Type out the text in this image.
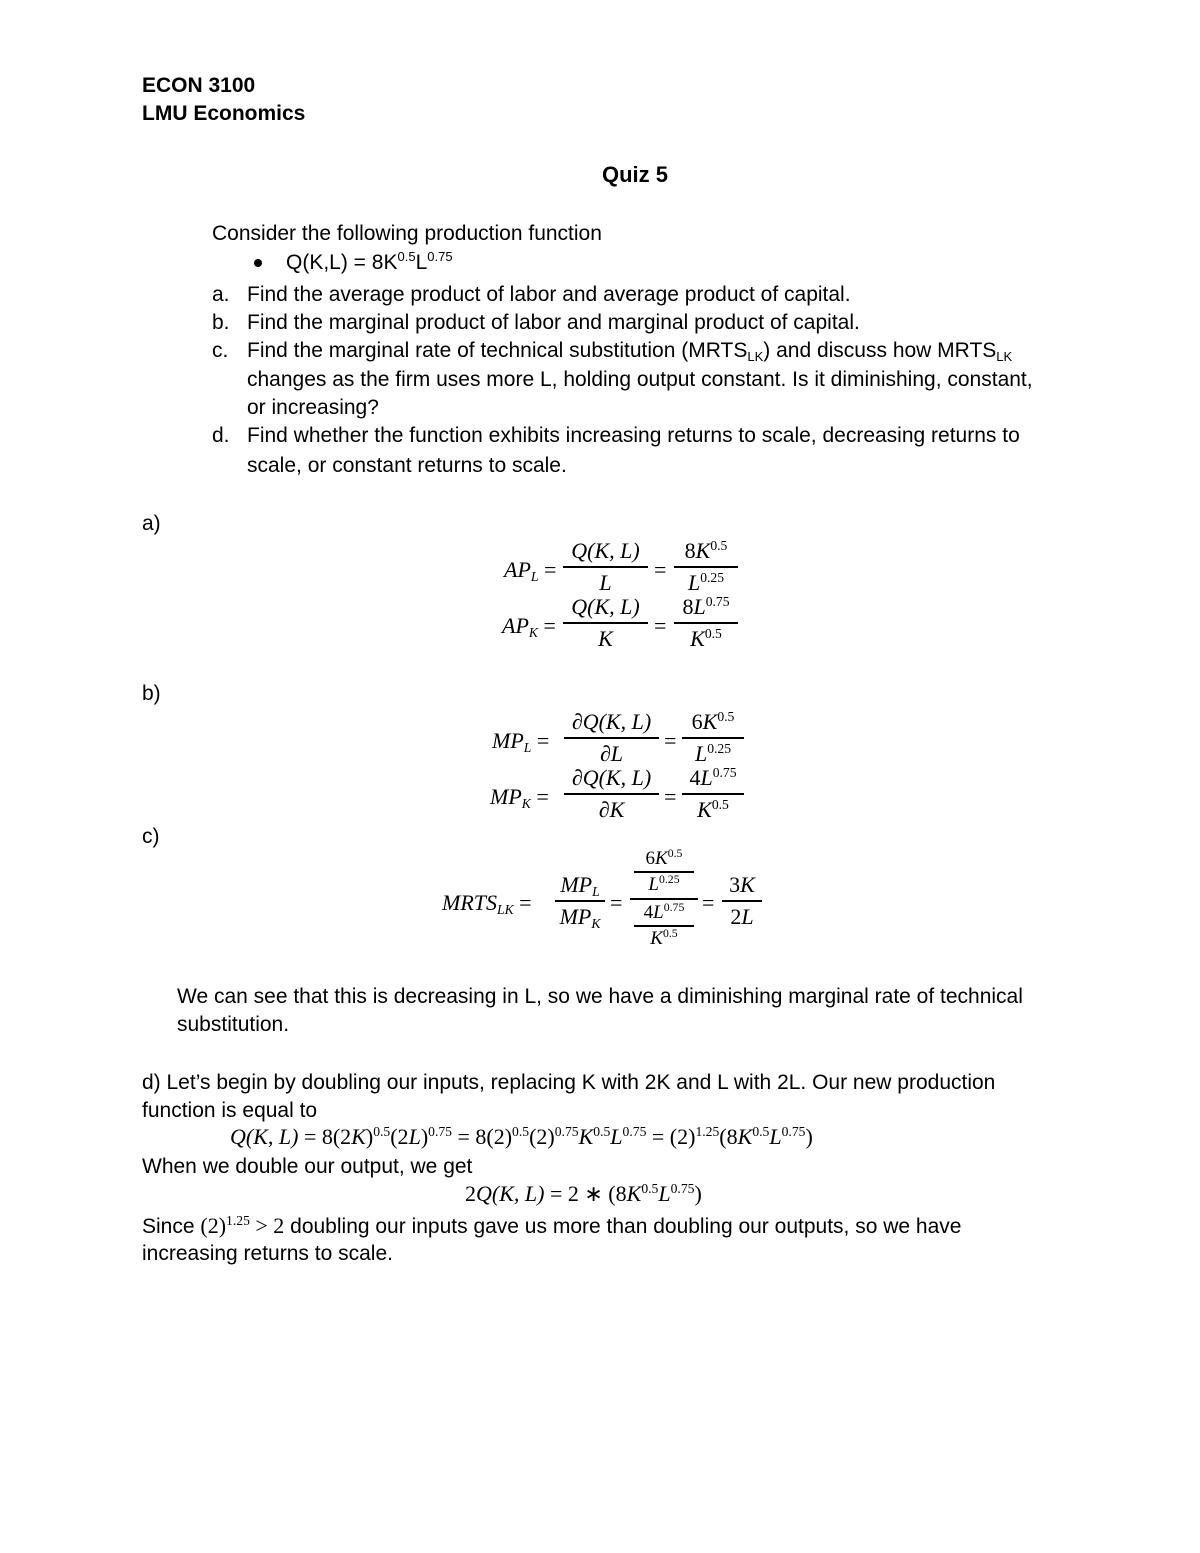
ECON 3100
LMU Economics
Quiz 5
Consider the following production function
$Q(K,L) = 8K^{0.5}L^{0.75}$
a. Find the average product of labor and average product of capital.
b. Find the marginal product of labor and marginal product of capital.
c. Find the marginal rate of technical substitution $(MRTS_{LK})$ and discuss how $MRTS_{LK}$
changes as the firm uses more L, holding output constant. Is it diminishing, constant,
or increasing?
d. Find whether the function exhibits increasing returns to scale, decreasing returns to
scale, or constant returns to scale.
a)
$AP_L$ =
Q(K, L)
L
=
$8K^{0.5}$
$L^{0.25}$
$AP_K$ =
Q(K, L)
K
=
$8L^{0.75}$
$K^{0.5}$
b)
$MP_L$ =
∂Q(K, L)
∂L
=
$6K^{0.5}$
$L^{0.25}$
$MP_K$ =
∂Q(K, L)
∂K
=
$4L^{0.75}$
$K^{0.5}$
c)
$MRTS_{LK}$ =
$MP_L$
$MP_K$
=
$6K^{0.5}$
$L^{0.25}$
$4L^{0.75}$
$K^{0.5}$
=
3K
2L
We can see that this is decreasing in L, so we have a diminishing marginal rate of technical
substitution.
d) Let’s begin by doubling our inputs, replacing K with 2K and L with 2L. Our new production
function is equal to
Q(K, $L) = 8(2K)^{0.5}(2L)^{0.75} = 8(2)^{0.5}(2)^{0.75}K^{0.5}L^{0.75} = (2)^{1.25}(8K^{0.5}L^{0.75})$
When we double our output, we get
2Q(K, L) = 2 ∗ $(8K^{0.5}L^{0.75})$
Since $(2)^{1.25} > 2$ doubling our inputs gave us more than doubling our outputs, so we have
increasing returns to scale.
